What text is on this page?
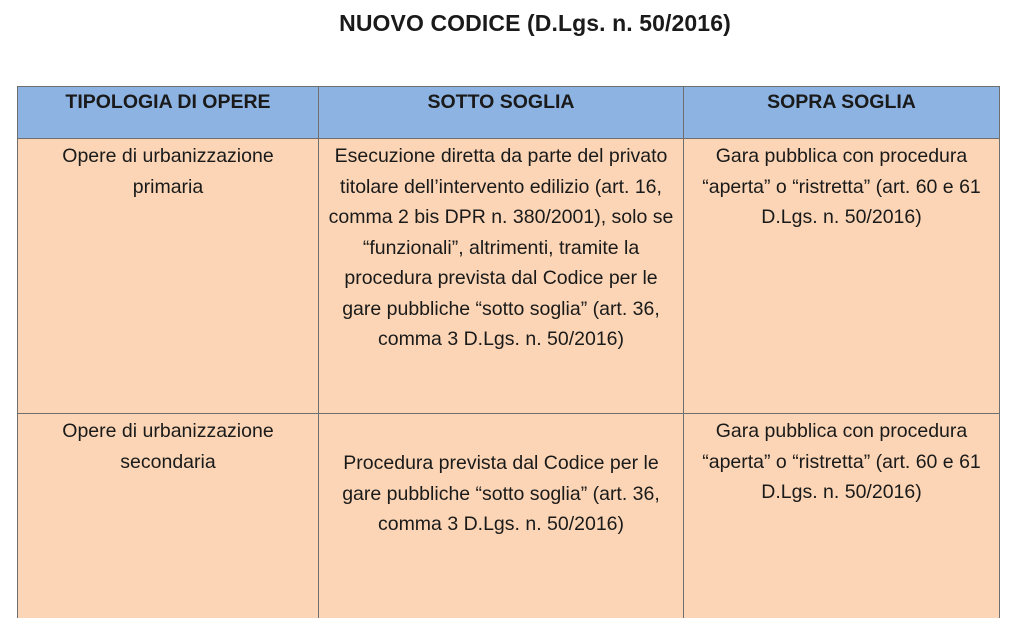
NUOVO CODICE (D.Lgs. n. 50/2016)
TIPOLOGIA DI OPERE	SOTTO SOGLIA	SOPRA SOGLIA
Opere di urbanizzazione primaria	Esecuzione diretta da parte del privato titolare dell’intervento edilizio (art. 16, comma 2 bis DPR n. 380/2001), solo se “funzionali”, altrimenti, tramite la procedura prevista dal Codice per le gare pubbliche “sotto soglia” (art. 36, comma 3 D.Lgs. n. 50/2016)	Gara pubblica con procedura “aperta” o “ristretta” (art. 60 e 61 D.Lgs. n. 50/2016)
Opere di urbanizzazione secondaria	Procedura prevista dal Codice per le gare pubbliche “sotto soglia” (art. 36, comma 3 D.Lgs. n. 50/2016)	Gara pubblica con procedura “aperta” o “ristretta” (art. 60 e 61 D.Lgs. n. 50/2016)
